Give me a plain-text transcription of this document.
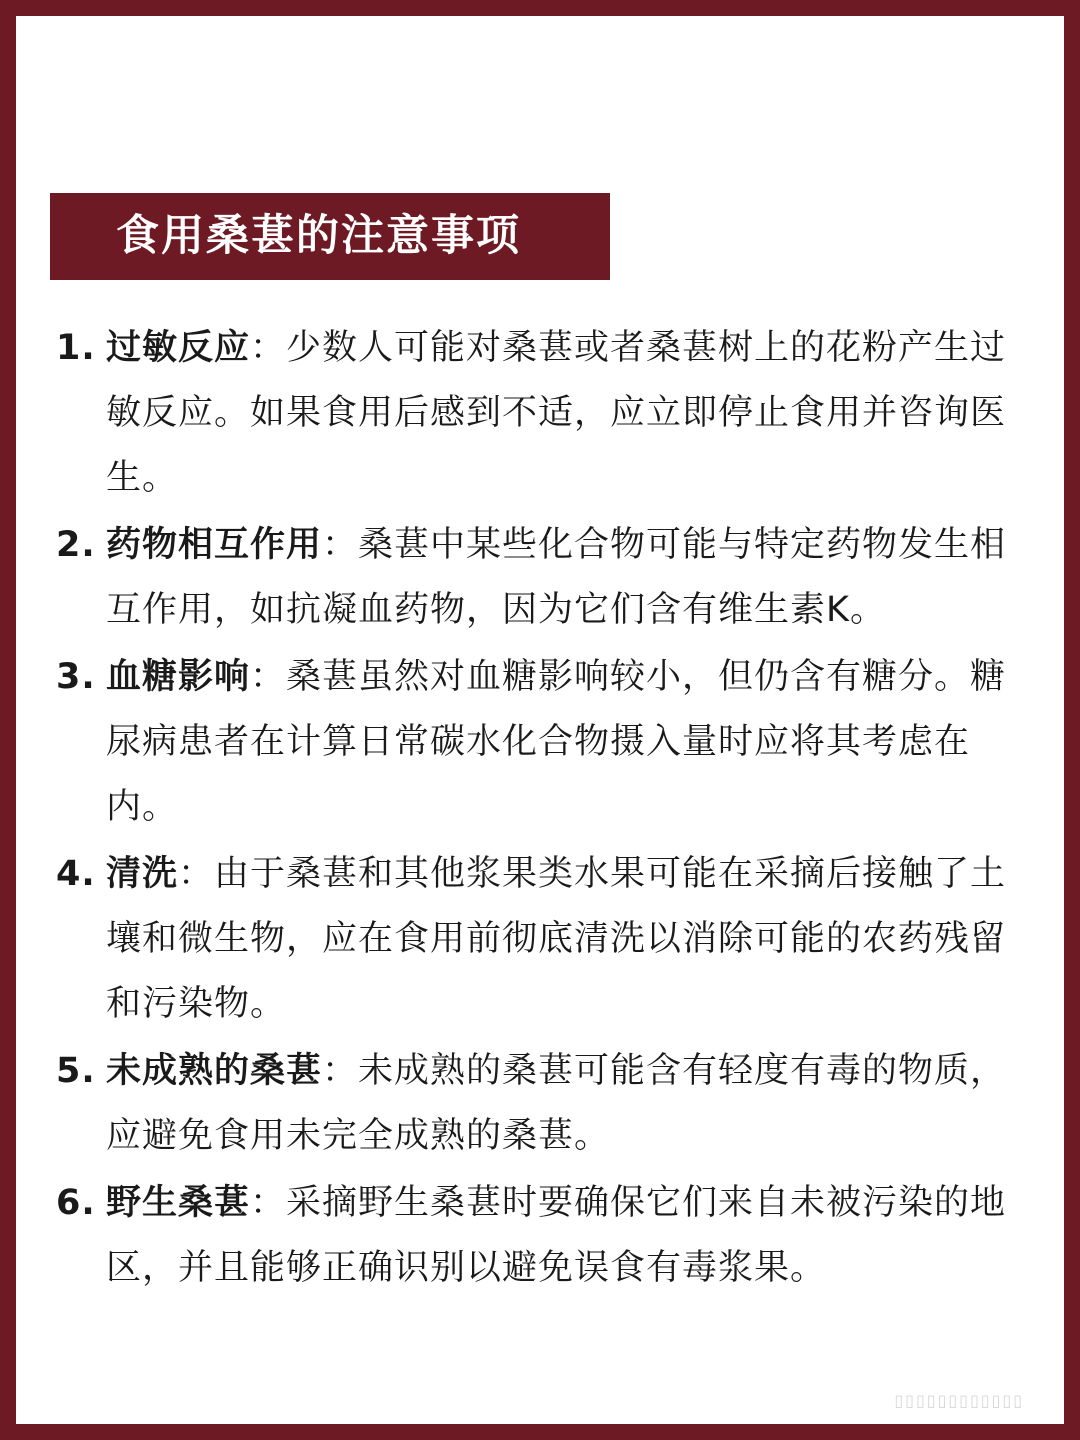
食用桑葚的注意事项
1. 过敏反应：少数人可能对桑葚或者桑葚树上的花粉产生过敏反应。如果食用后感到不适，应立即停止食用并咨询医生。
2. 药物相互作用：桑葚中某些化合物可能与特定药物发生相互作用，如抗凝血药物，因为它们含有维生素K。
3. 血糖影响：桑葚虽然对血糖影响较小，但仍含有糖分。糖尿病患者在计算日常碳水化合物摄入量时应将其考虑在内。
4. 清洗：由于桑葚和其他浆果类水果可能在采摘后接触了土壤和微生物，应在食用前彻底清洗以消除可能的农药残留和污染物。
5. 未成熟的桑葚：未成熟的桑葚可能含有轻度有毒的物质，应避免食用未完全成熟的桑葚。
6. 野生桑葚：采摘野生桑葚时要确保它们来自未被污染的地区，并且能够正确识别以避免误食有毒浆果。
▯▯▯▯▯▯▯▯▯▯▯▯
